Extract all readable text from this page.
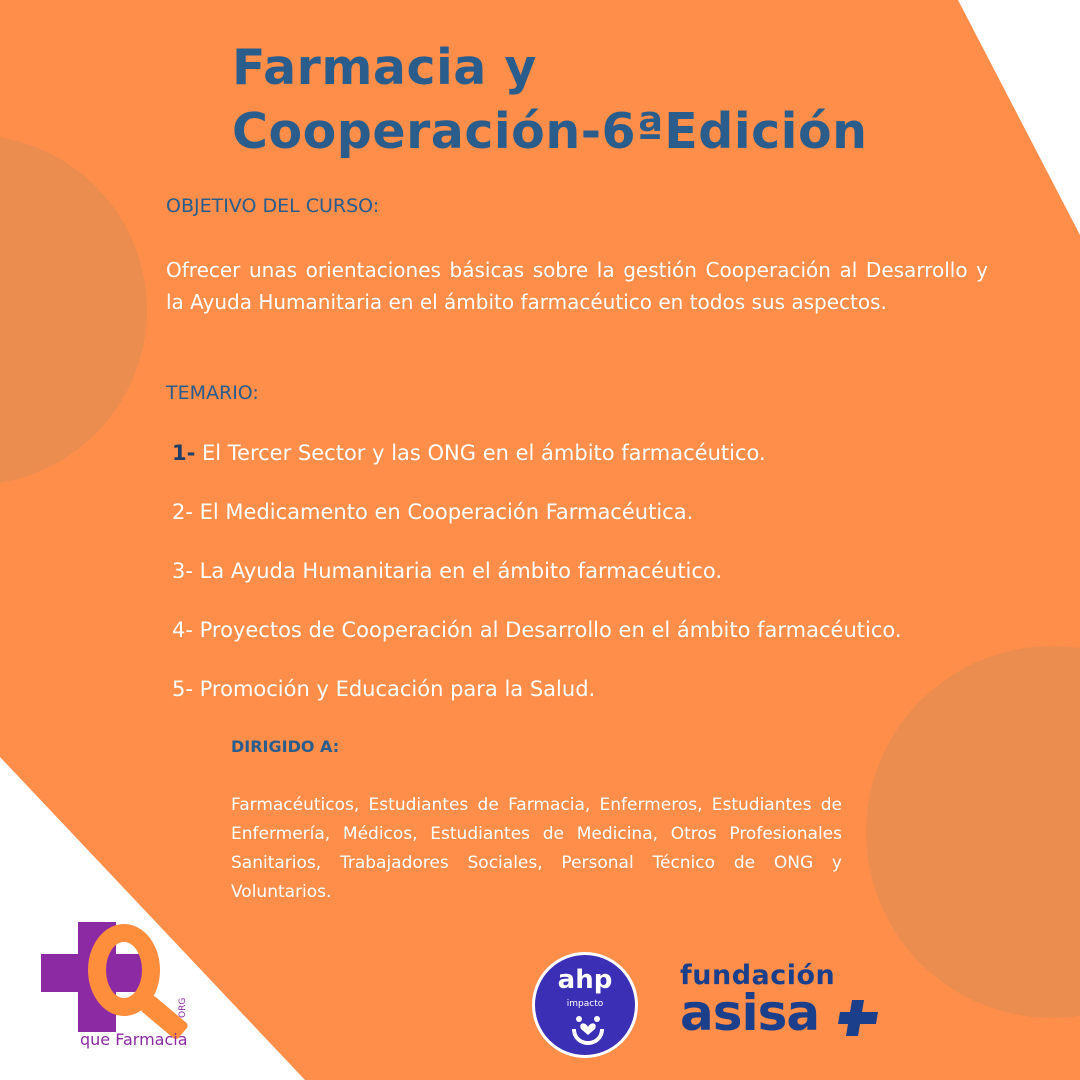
Farmacia y
Cooperación-6ªEdición

OBJETIVO DEL CURSO:

Ofrecer unas orientaciones básicas sobre la gestión Cooperación al Desarrollo y la Ayuda Humanitaria en el ámbito farmacéutico en todos sus aspectos.

TEMARIO:

1- El Tercer Sector y las ONG en el ámbito farmacéutico.
2- El Medicamento en Cooperación Farmacéutica.
3- La Ayuda Humanitaria en el ámbito farmacéutico.
4- Proyectos de Cooperación al Desarrollo en el ámbito farmacéutico.
5- Promoción y Educación para la Salud.

DIRIGIDO A:

Farmacéuticos, Estudiantes de Farmacia, Enfermeros, Estudiantes de Enfermería, Médicos, Estudiantes de Medicina, Otros Profesionales Sanitarios, Trabajadores Sociales, Personal Técnico de ONG y Voluntarios.

ORG
que Farmacia
ahp
impacto
fundación
asisa
